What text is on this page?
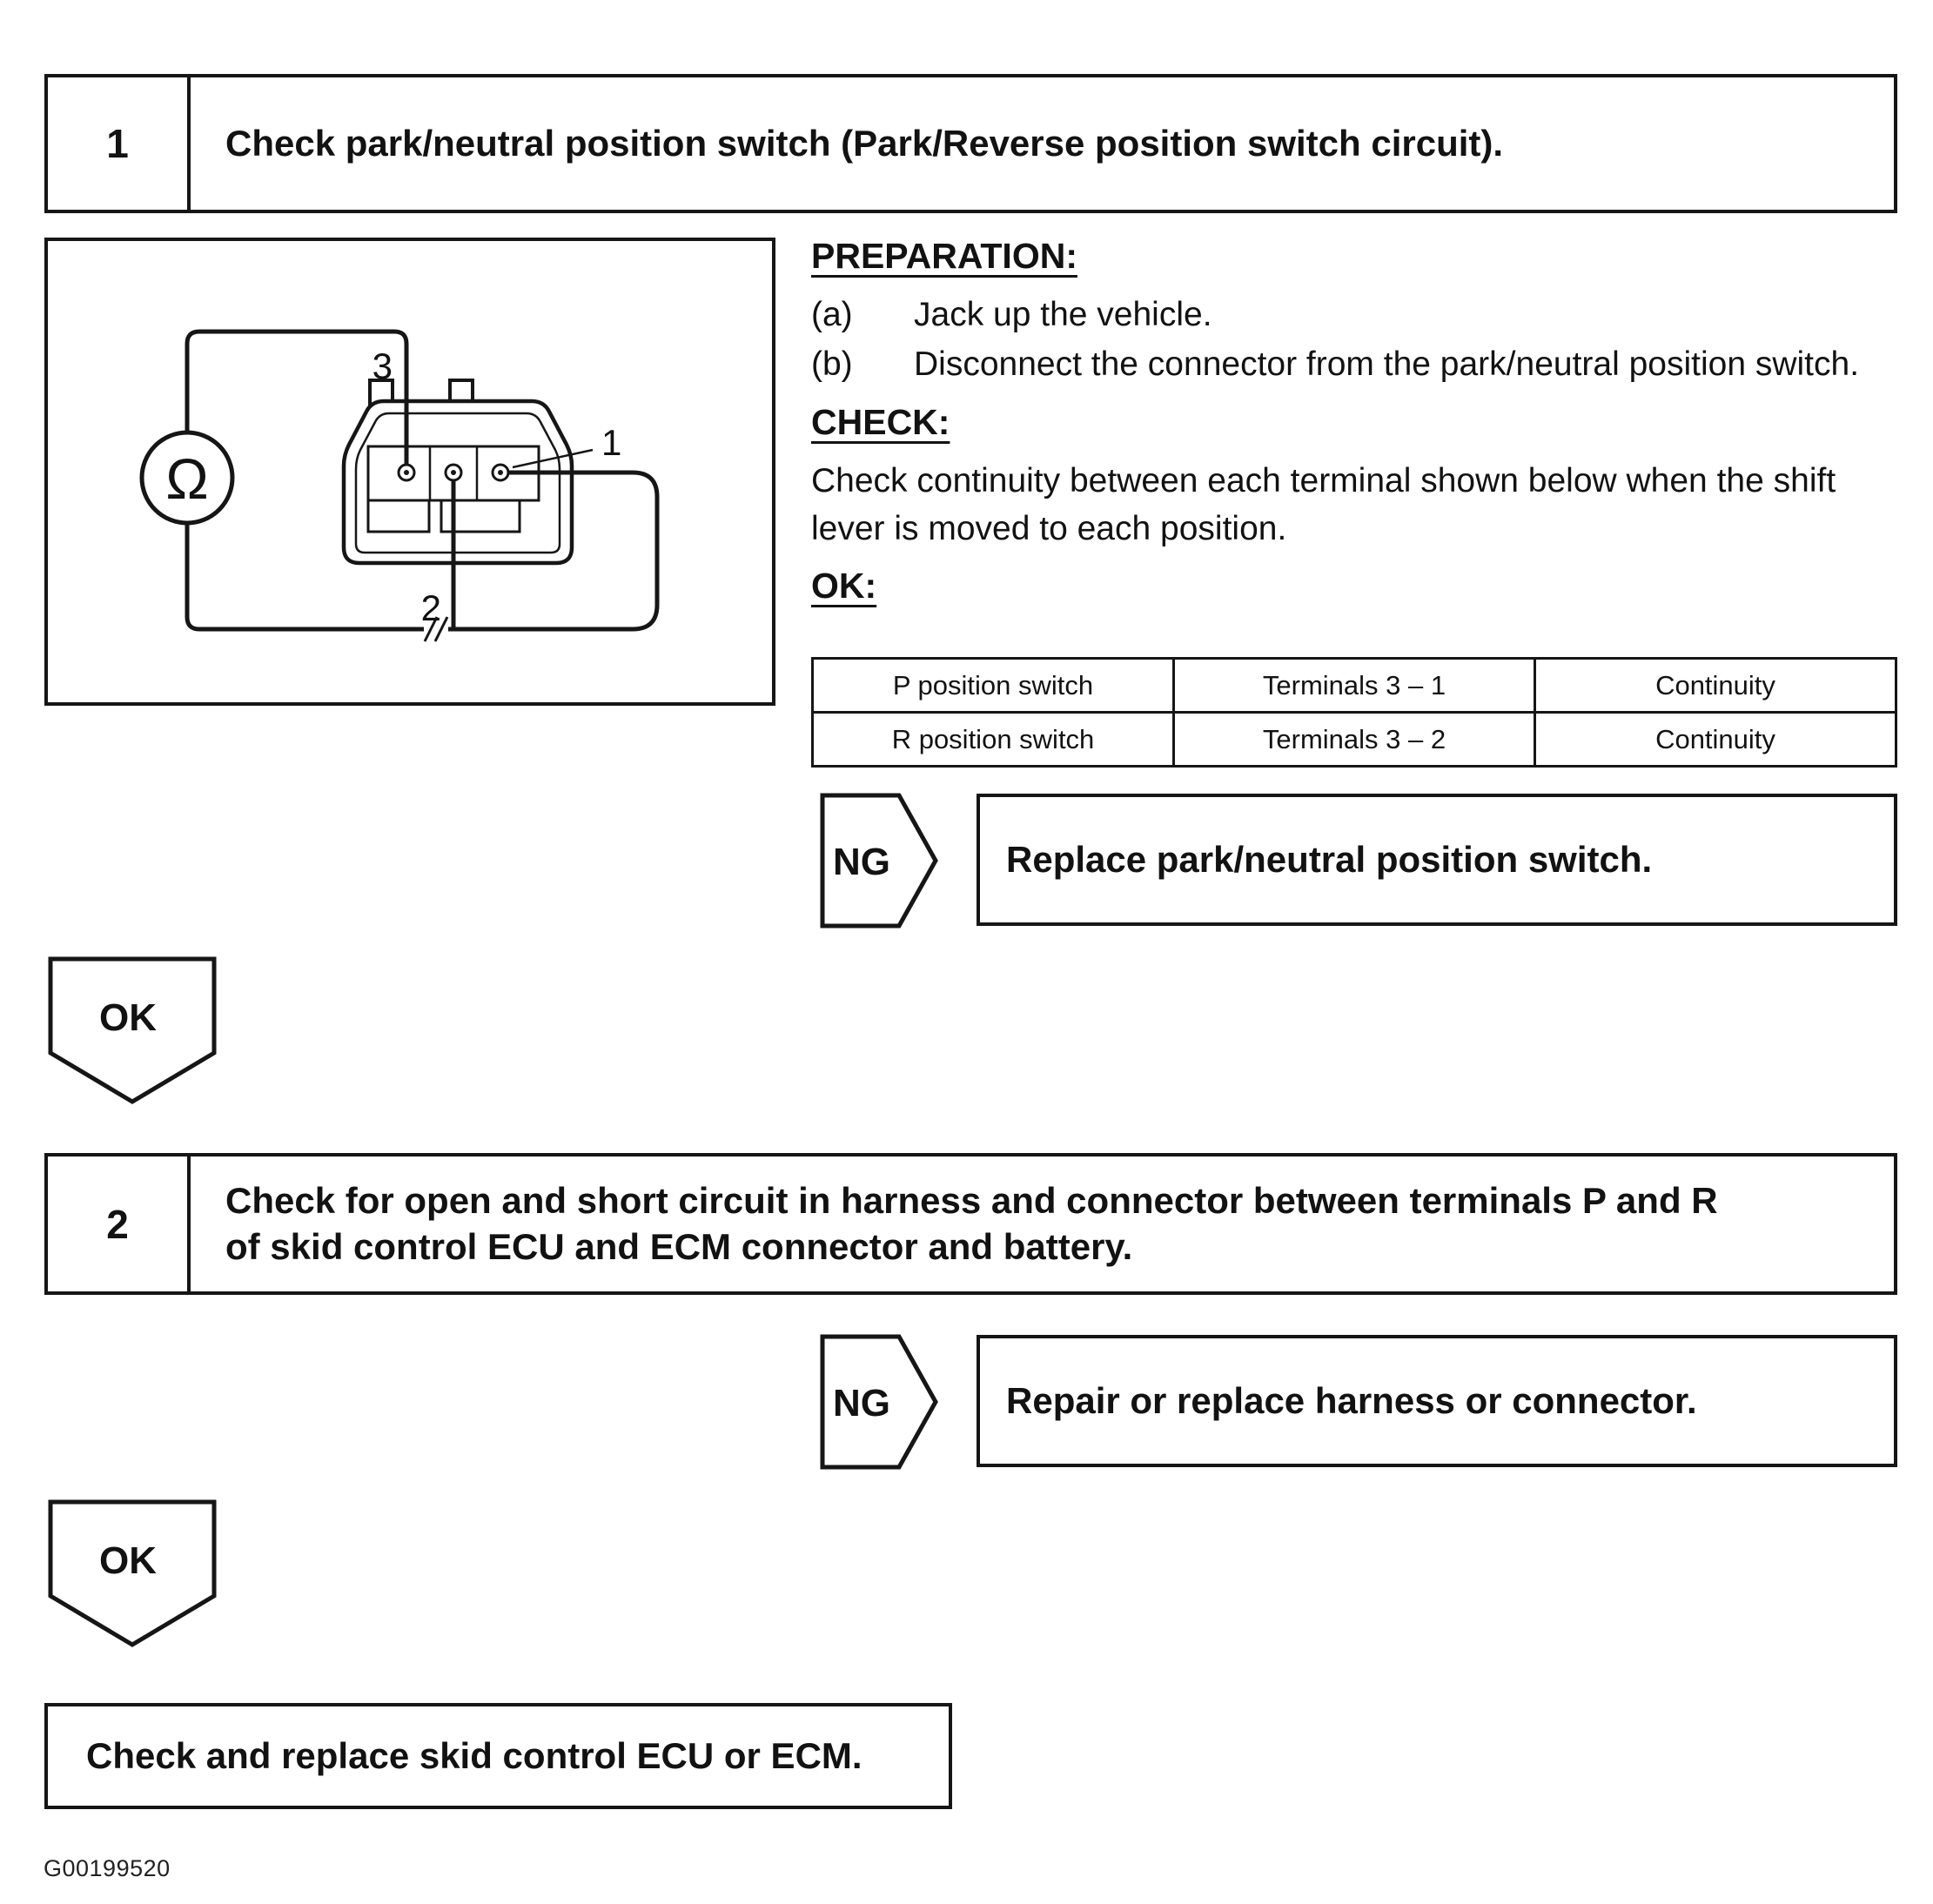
1	Check park/neutral position switch (Park/Reverse position switch circuit).
Ω
3
1
2
PREPARATION:
(a)	Jack up the vehicle.
(b)	Disconnect the connector from the park/neutral position switch.
CHECK:
Check continuity between each terminal shown below when the shift lever is moved to each position.
OK:
P position switch	Terminals 3 – 1	Continuity
R position switch	Terminals 3 – 2	Continuity
NG	Replace park/neutral position switch.
OK
2
Check for open and short circuit in harness and connector between terminals P and R of skid control ECU and ECM connector and battery.
NG	Repair or replace harness or connector.
OK
Check and replace skid control ECU or ECM.
G00199520
